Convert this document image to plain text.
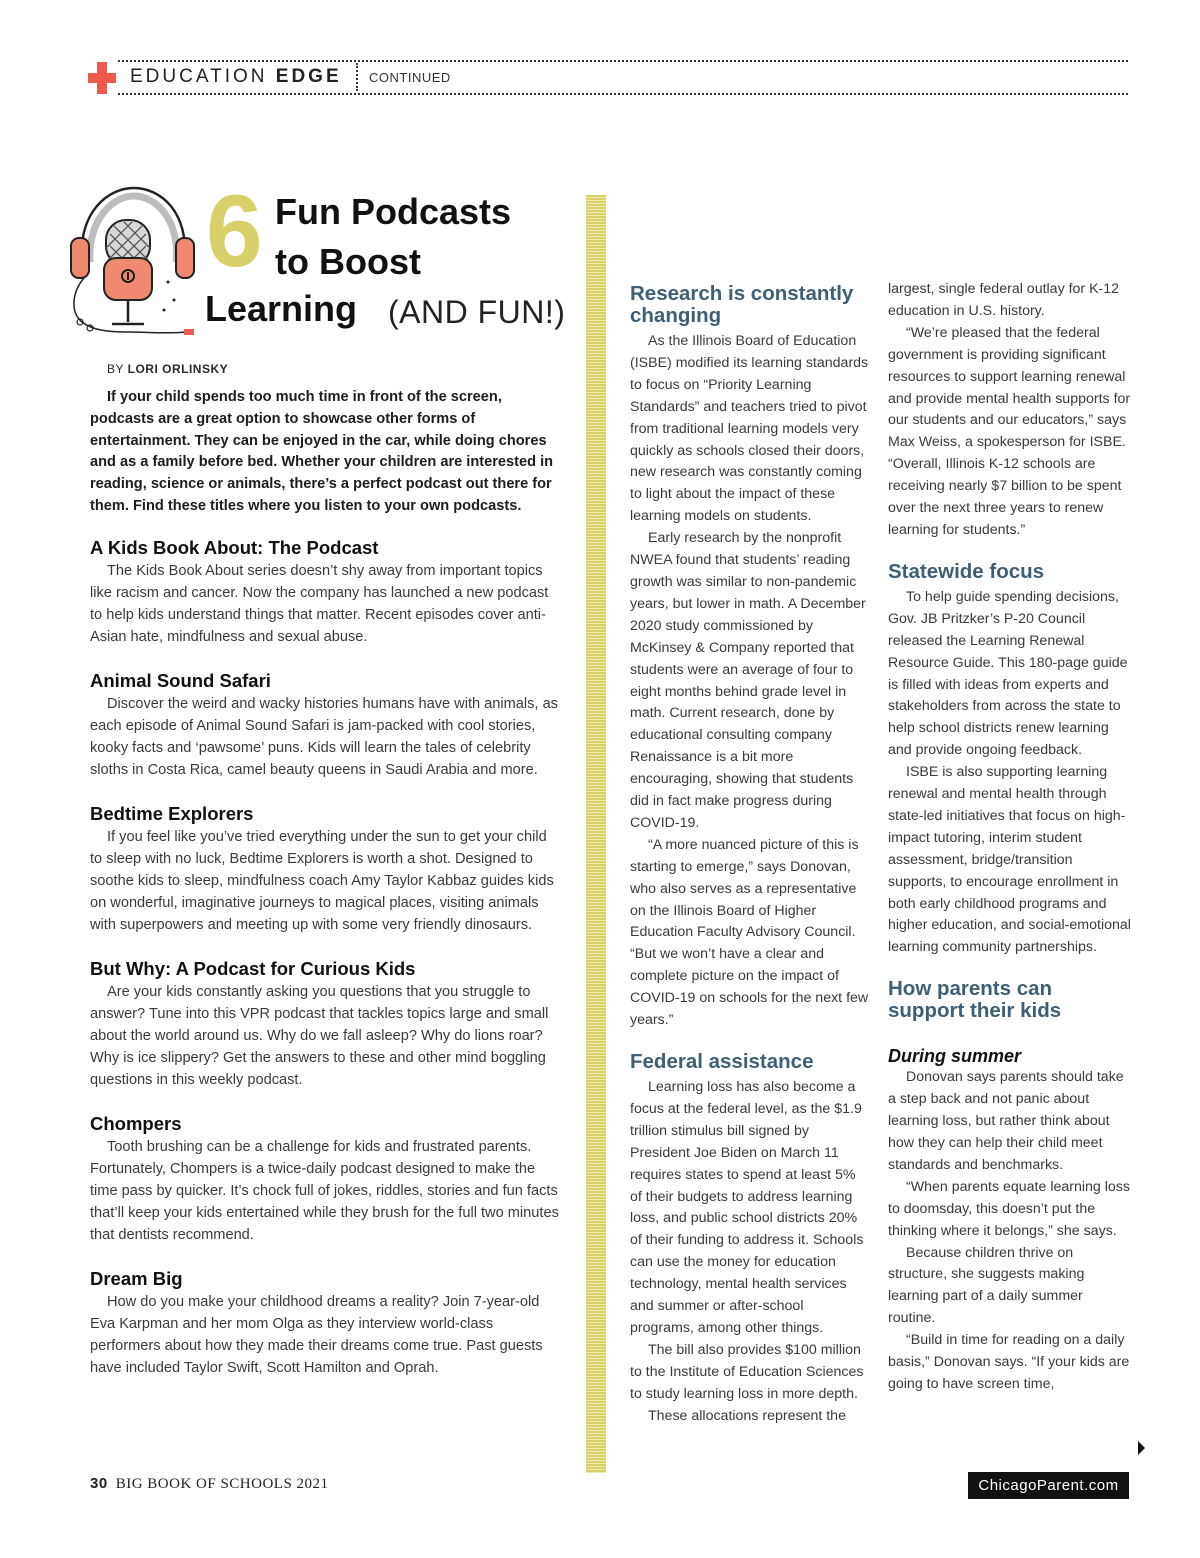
EDUCATION EDGE CONTINUED
6 Fun Podcasts
to Boost
Learning (AND FUN!)
BY LORI ORLINSKY

If your child spends too much time in front of the screen, podcasts are a great option to showcase other forms of entertainment. They can be enjoyed in the car, while doing chores and as a family before bed. Whether your children are interested in reading, science or animals, there’s a perfect podcast out there for them. Find these titles where you listen to your own podcasts.

A Kids Book About: The Podcast

The Kids Book About series doesn’t shy away from important topics like racism and cancer. Now the company has launched a new podcast to help kids understand things that matter. Recent episodes cover anti-Asian hate, mindfulness and sexual abuse.

Animal Sound Safari

Discover the weird and wacky histories humans have with animals, as each episode of Animal Sound Safari is jam-packed with cool stories, kooky facts and ‘pawsome’ puns. Kids will learn the tales of celebrity sloths in Costa Rica, camel beauty queens in Saudi Arabia and more.

Bedtime Explorers

If you feel like you’ve tried everything under the sun to get your child to sleep with no luck, Bedtime Explorers is worth a shot. Designed to soothe kids to sleep, mindfulness coach Amy Taylor Kabbaz guides kids on wonderful, imaginative journeys to magical places, visiting animals with superpowers and meeting up with some very friendly dinosaurs.

But Why: A Podcast for Curious Kids

Are your kids constantly asking you questions that you struggle to answer? Tune into this VPR podcast that tackles topics large and small about the world around us. Why do we fall asleep? Why do lions roar? Why is ice slippery? Get the answers to these and other mind boggling questions in this weekly podcast.

Chompers

Tooth brushing can be a challenge for kids and frustrated parents. Fortunately, Chompers is a twice-daily podcast designed to make the time pass by quicker. It’s chock full of jokes, riddles, stories and fun facts that’ll keep your kids entertained while they brush for the full two minutes that dentists recommend.

Dream Big

How do you make your childhood dreams a reality? Join 7-year-old Eva Karpman and her mom Olga as they interview world-class performers about how they made their dreams come true. Past guests have included Taylor Swift, Scott Hamilton and Oprah.

Research is constantly changing

As the Illinois Board of Education (ISBE) modified its learning standards to focus on “Priority Learning Standards” and teachers tried to pivot from traditional learning models very quickly as schools closed their doors, new research was constantly coming to light about the impact of these learning models on students.

Early research by the nonprofit NWEA found that students’ reading growth was similar to non-pandemic years, but lower in math. A December 2020 study commissioned by McKinsey & Company reported that students were an average of four to eight months behind grade level in math. Current research, done by educational consulting company Renaissance is a bit more encouraging, showing that students did in fact make progress during COVID-19.

“A more nuanced picture of this is starting to emerge,” says Donovan, who also serves as a representative on the Illinois Board of Higher Education Faculty Advisory Council. “But we won’t have a clear and complete picture on the impact of COVID-19 on schools for the next few years.”

Federal assistance

Learning loss has also become a focus at the federal level, as the $1.9 trillion stimulus bill signed by President Joe Biden on March 11 requires states to spend at least 5% of their budgets to address learning loss, and public school districts 20% of their funding to address it. Schools can use the money for education technology, mental health services and summer or after-school programs, among other things.

The bill also provides $100 million to the Institute of Education Sciences to study learning loss in more depth.

These allocations represent the

largest, single federal outlay for K-12 education in U.S. history.

“We’re pleased that the federal government is providing significant resources to support learning renewal and provide mental health supports for our students and our educators,” says Max Weiss, a spokesperson for ISBE. “Overall, Illinois K-12 schools are receiving nearly $7 billion to be spent over the next three years to renew learning for students.”

Statewide focus

To help guide spending decisions, Gov. JB Pritzker’s P-20 Council released the Learning Renewal Resource Guide. This 180-page guide is filled with ideas from experts and stakeholders from across the state to help school districts renew learning and provide ongoing feedback.

ISBE is also supporting learning renewal and mental health through state-led initiatives that focus on high-impact tutoring, interim student assessment, bridge/transition supports, to encourage enrollment in both early childhood programs and higher education, and social-emotional learning community partnerships.

How parents can support their kids
During summer

Donovan says parents should take a step back and not panic about learning loss, but rather think about how they can help their child meet standards and benchmarks.

“When parents equate learning loss to doomsday, this doesn’t put the thinking where it belongs,” she says.

Because children thrive on structure, she suggests making learning part of a daily summer routine.

“Build in time for reading on a daily basis,” Donovan says. “If your kids are going to have screen time,

30 BIG BOOK OF SCHOOLS 2021	ChicagoParent.com
